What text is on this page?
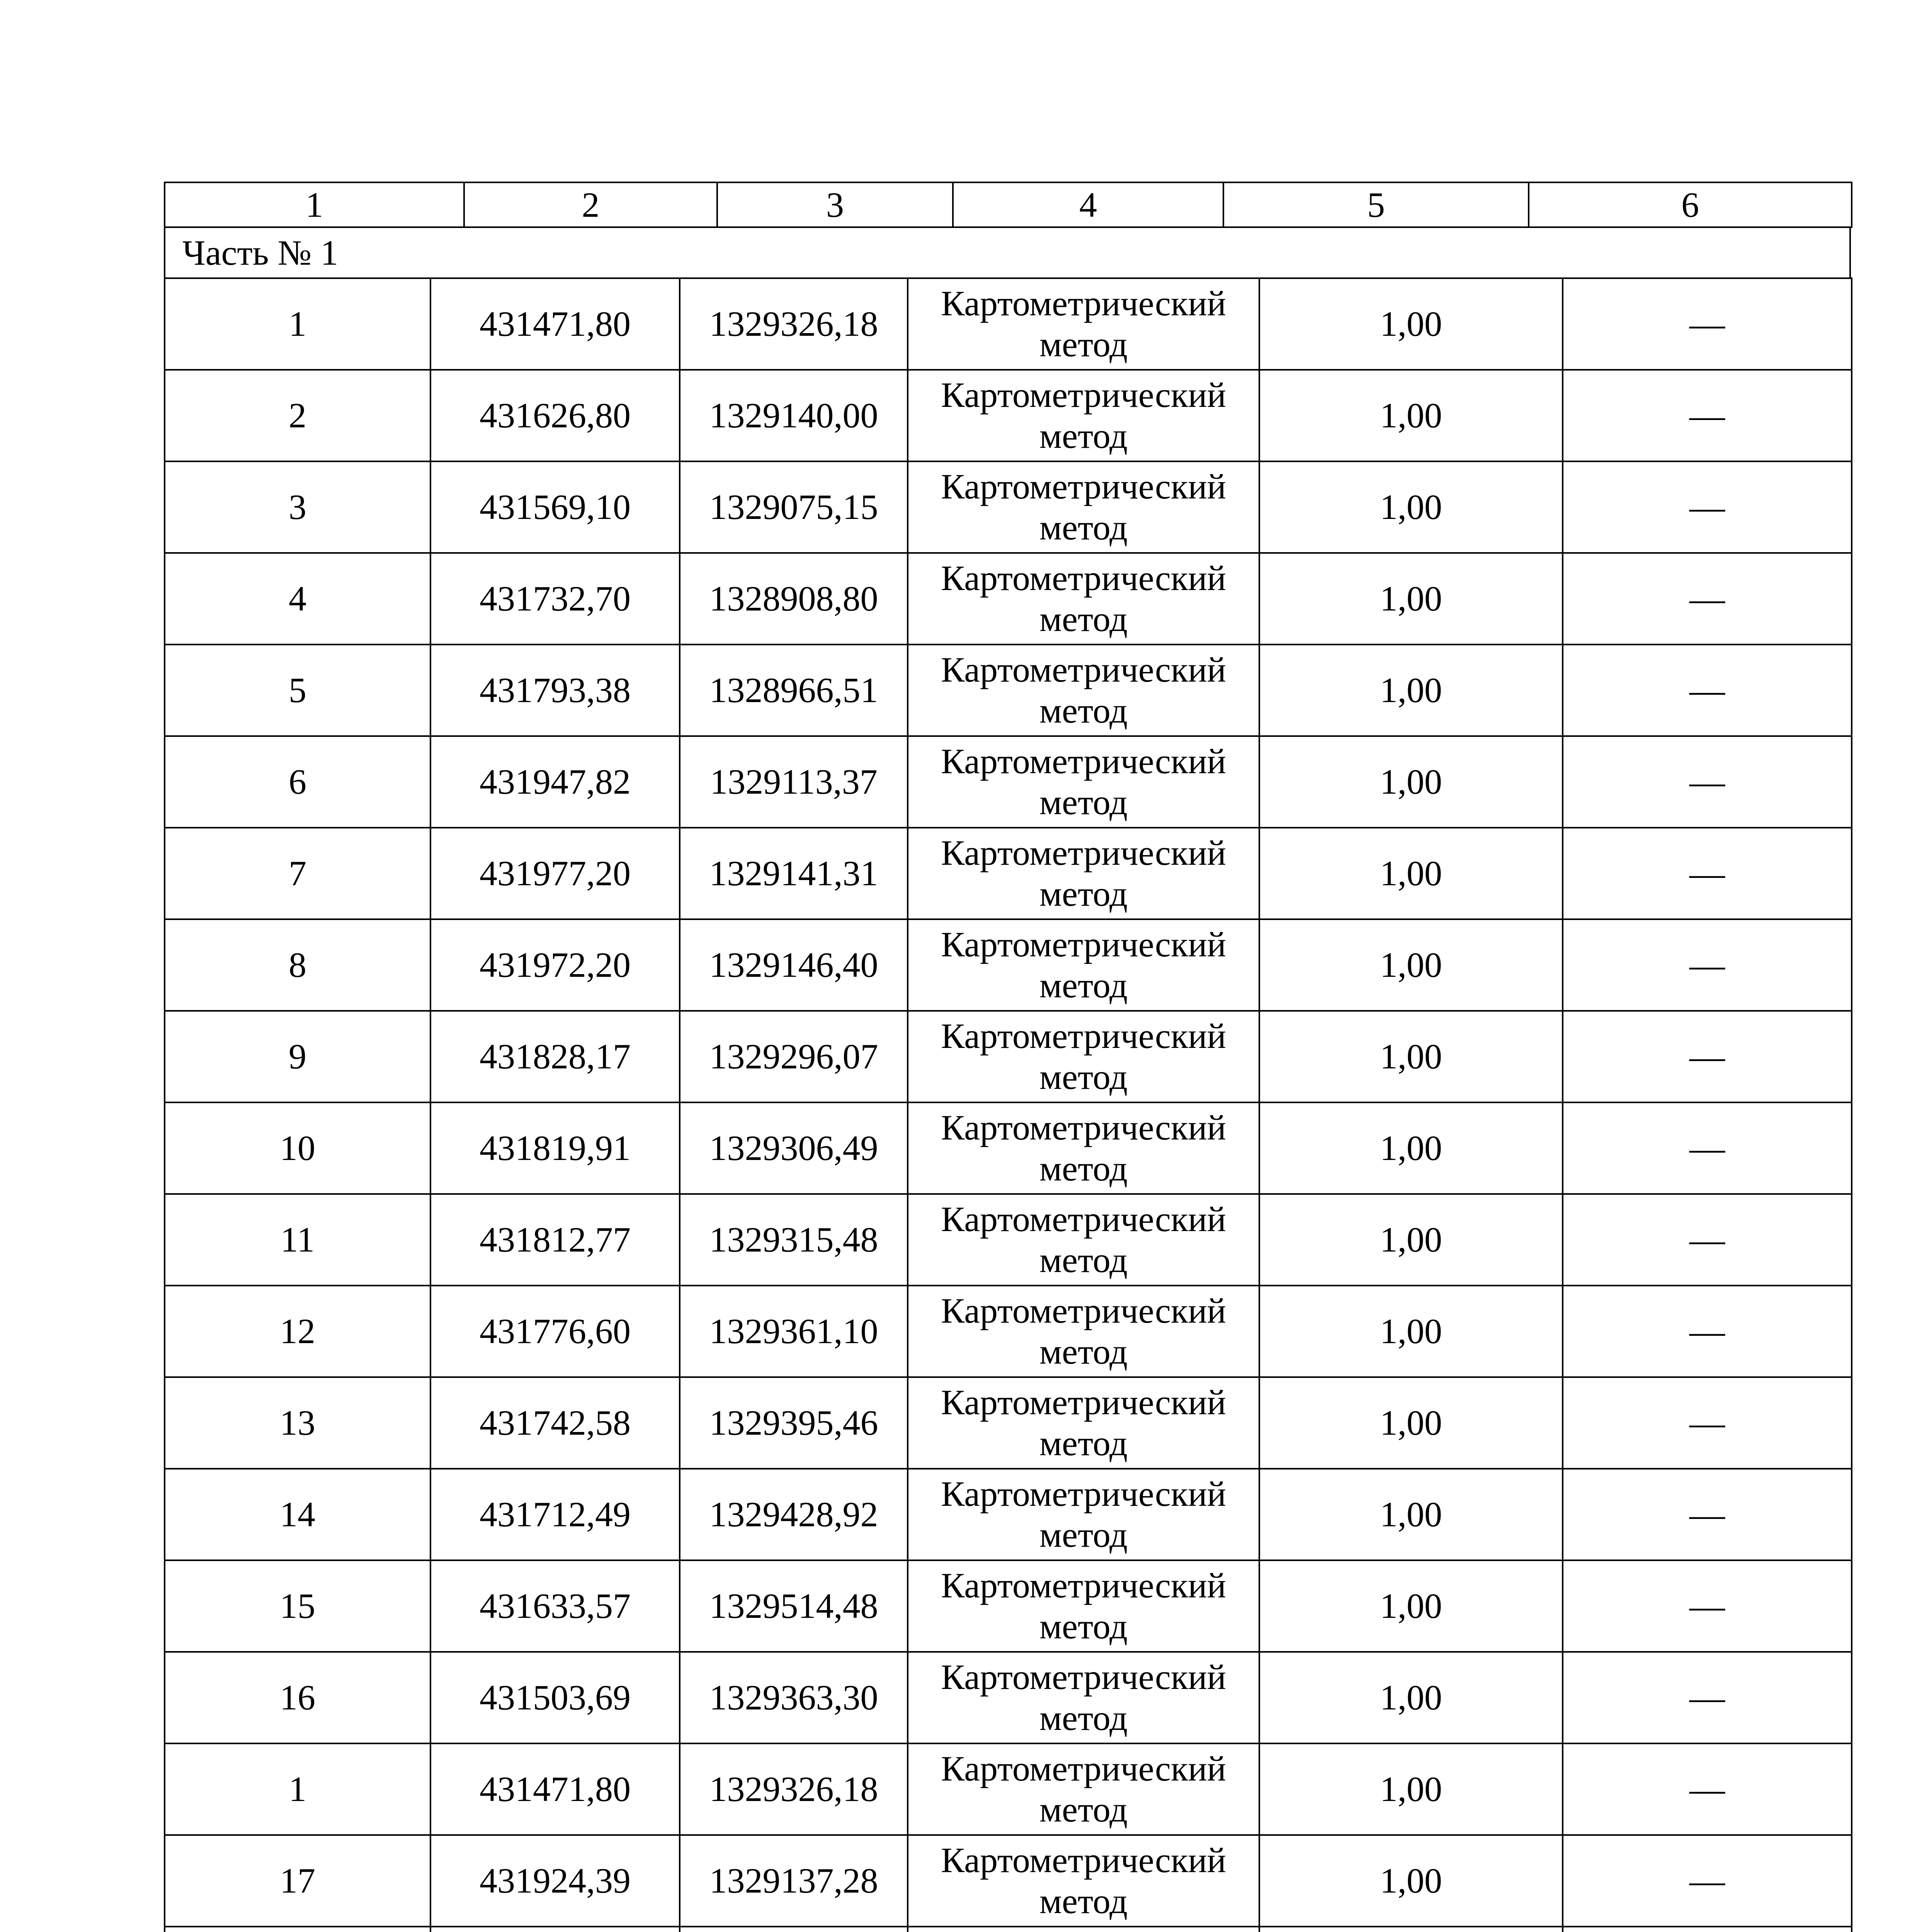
1	2	3	4	5	6
Часть № 1
1	431471,80	1329326,18	Картометрический метод	1,00	—
2	431626,80	1329140,00	Картометрический метод	1,00	—
3	431569,10	1329075,15	Картометрический метод	1,00	—
4	431732,70	1328908,80	Картометрический метод	1,00	—
5	431793,38	1328966,51	Картометрический метод	1,00	—
6	431947,82	1329113,37	Картометрический метод	1,00	—
7	431977,20	1329141,31	Картометрический метод	1,00	—
8	431972,20	1329146,40	Картометрический метод	1,00	—
9	431828,17	1329296,07	Картометрический метод	1,00	—
10	431819,91	1329306,49	Картометрический метод	1,00	—
11	431812,77	1329315,48	Картометрический метод	1,00	—
12	431776,60	1329361,10	Картометрический метод	1,00	—
13	431742,58	1329395,46	Картометрический метод	1,00	—
14	431712,49	1329428,92	Картометрический метод	1,00	—
15	431633,57	1329514,48	Картометрический метод	1,00	—
16	431503,69	1329363,30	Картометрический метод	1,00	—
1	431471,80	1329326,18	Картометрический метод	1,00	—
17	431924,39	1329137,28	Картометрический метод	1,00	—
